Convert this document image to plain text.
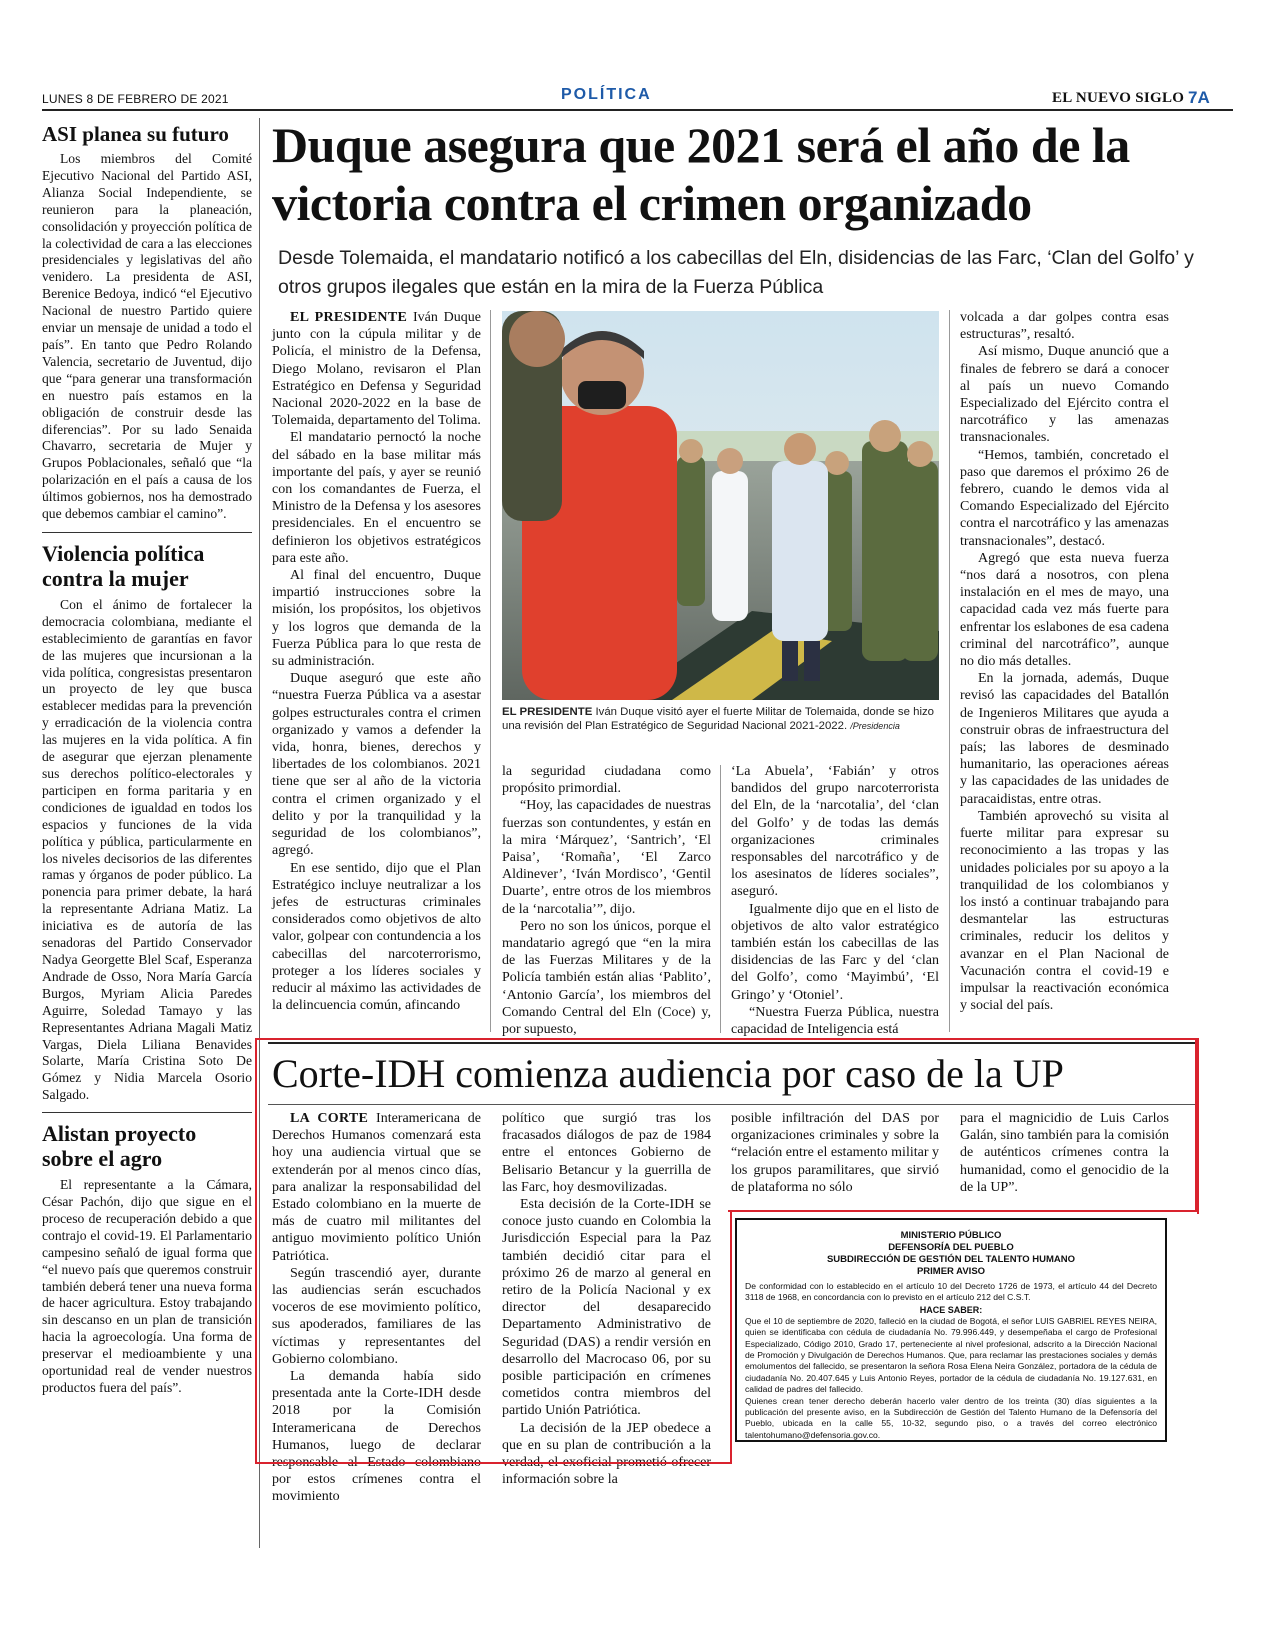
LUNES 8 DE FEBRERO DE 2021	POLÍTICA	EL NUEVO SIGLO 7A
ASI planea su futuro

Los miembros del Comité Ejecutivo Nacional del Partido ASI, Alianza Social Independiente, se reunieron para la planeación, consolidación y proyección política de la colectividad de cara a las elecciones presidenciales y legislativas del año venidero. La presidenta de ASI, Berenice Bedoya, indicó “el Ejecutivo Nacional de nuestro Partido quiere enviar un mensaje de unidad a todo el país”. En tanto que Pedro Rolando Valencia, secretario de Juventud, dijo que “para generar una transformación en nuestro país estamos en la obligación de construir desde las diferencias”. Por su lado Senaida Chavarro, secretaria de Mujer y Grupos Poblacionales, señaló que “la polarización en el país a causa de los últimos gobiernos, nos ha demostrado que debemos cambiar el camino”.

Violencia política contra la mujer

Con el ánimo de fortalecer la democracia colombiana, mediante el establecimiento de garantías en favor de las mujeres que incursionan a la vida política, congresistas presentaron un proyecto de ley que busca establecer medidas para la prevención y erradicación de la violencia contra las mujeres en la vida política. A fin de asegurar que ejerzan plenamente sus derechos político-electorales y participen en forma paritaria y en condiciones de igualdad en todos los espacios y funciones de la vida política y pública, particularmente en los niveles decisorios de las diferentes ramas y órganos de poder público. La ponencia para primer debate, la hará la representante Adriana Matiz. La iniciativa es de autoría de las senadoras del Partido Conservador Nadya Georgette Blel Scaf, Esperanza Andrade de Osso, Nora María García Burgos, Myriam Alicia Paredes Aguirre, Soledad Tamayo y las Representantes Adriana Magali Matiz Vargas, Diela Liliana Benavides Solarte, María Cristina Soto De Gómez y Nidia Marcela Osorio Salgado.

Alistan proyecto sobre el agro

El representante a la Cámara, César Pachón, dijo que sigue en el proceso de recuperación debido a que contrajo el covid-19. El Parlamentario campesino señaló de igual forma que “el nuevo país que queremos construir también deberá tener una nueva forma de hacer agricultura. Estoy trabajando sin descanso en un plan de transición hacia la agroecología. Una forma de preservar el medioambiente y una oportunidad real de vender nuestros productos fuera del país”.

Duque asegura que 2021 será el año de la victoria contra el crimen organizado
Desde Tolemaida, el mandatario notificó a los cabecillas del Eln, disidencias de las Farc, ‘Clan del Golfo’ y otros grupos ilegales que están en la mira de la Fuerza Pública

EL PRESIDENTE Iván Duque junto con la cúpula militar y de Policía, el ministro de la Defensa, Diego Molano, revisaron el Plan Estratégico en Defensa y Seguridad Nacional 2020-2022 en la base de Tolemaida, departamento del Tolima.

El mandatario pernoctó la noche del sábado en la base militar más importante del país, y ayer se reunió con los comandantes de Fuerza, el Ministro de la Defensa y los asesores presidenciales. En el encuentro se definieron los objetivos estratégicos para este año.

Al final del encuentro, Duque impartió instrucciones sobre la misión, los propósitos, los objetivos y los logros que demanda de la Fuerza Pública para lo que resta de su administración.

Duque aseguró que este año “nuestra Fuerza Pública va a asestar golpes estructurales contra el crimen organizado y vamos a defender la vida, honra, bienes, derechos y libertades de los colombianos. 2021 tiene que ser al año de la victoria contra el crimen organizado y el delito y por la tranquilidad y la seguridad de los colombianos”, agregó.

En ese sentido, dijo que el Plan Estratégico incluye neutralizar a los jefes de estructuras criminales considerados como objetivos de alto valor, golpear con contundencia a los cabecillas del narcoterrorismo, proteger a los líderes sociales y reducir al máximo las actividades de la delincuencia común, afincando

EL PRESIDENTE Iván Duque visitó ayer el fuerte Militar de Tolemaida, donde se hizo una revisión del Plan Estratégico de Seguridad Nacional 2021-2022. /Presidencia

la seguridad ciudadana como propósito primordial.

“Hoy, las capacidades de nuestras fuerzas son contundentes, y están en la mira ‘Márquez’, ‘Santrich’, ‘El Paisa’, ‘Romaña’, ‘El Zarco Aldinever’, ‘Iván Mordisco’, ‘Gentil Duarte’, entre otros de los miembros de la ‘narcotalia’”, dijo.

Pero no son los únicos, porque el mandatario agregó que “en la mira de las Fuerzas Militares y de la Policía también están alias ‘Pablito’, ‘Antonio García’, los miembros del Comando Central del Eln (Coce) y, por supuesto,

‘La Abuela’, ‘Fabián’ y otros bandidos del grupo narcoterrorista del Eln, de la ‘narcotalia’, del ‘clan del Golfo’ y de todas las demás organizaciones criminales responsables del narcotráfico y de los asesinatos de líderes sociales”, aseguró.

Igualmente dijo que en el listo de objetivos de alto valor estratégico también están los cabecillas de las disidencias de las Farc y del ‘clan del Golfo’, como ‘Mayimbú’, ‘El Gringo’ y ‘Otoniel’.

“Nuestra Fuerza Pública, nuestra capacidad de Inteligencia está

volcada a dar golpes contra esas estructuras”, resaltó.

Así mismo, Duque anunció que a finales de febrero se dará a conocer al país un nuevo Comando Especializado del Ejército contra el narcotráfico y las amenazas transnacionales.

“Hemos, también, concretado el paso que daremos el próximo 26 de febrero, cuando le demos vida al Comando Especializado del Ejército contra el narcotráfico y las amenazas transnacionales”, destacó.

Agregó que esta nueva fuerza “nos dará a nosotros, con plena instalación en el mes de mayo, una capacidad cada vez más fuerte para enfrentar los eslabones de esa cadena criminal del narcotráfico”, aunque no dio más detalles.

En la jornada, además, Duque revisó las capacidades del Batallón de Ingenieros Militares que ayuda a construir obras de infraestructura del país; las labores de desminado humanitario, las operaciones aéreas y las capacidades de las unidades de paracaidistas, entre otras.

También aprovechó su visita al fuerte militar para expresar su reconocimiento a las tropas y las unidades policiales por su apoyo a la tranquilidad de los colombianos y los instó a continuar trabajando para desmantelar las estructuras criminales, reducir los delitos y avanzar en el Plan Nacional de Vacunación contra el covid-19 e impulsar la reactivación económica y social del país.

Corte-IDH comienza audiencia por caso de la UP

LA CORTE Interamericana de Derechos Humanos comenzará esta hoy una audiencia virtual que se extenderán por al menos cinco días, para analizar la responsabilidad del Estado colombiano en la muerte de más de cuatro mil militantes del antiguo movimiento político Unión Patriótica.

Según trascendió ayer, durante las audiencias serán escuchados voceros de ese movimiento político, sus apoderados, familiares de las víctimas y representantes del Gobierno colombiano.

La demanda había sido presentada ante la Corte-IDH desde 2018 por la Comisión Interamericana de Derechos Humanos, luego de declarar responsable al Estado colombiano por estos crímenes contra el movimiento

político que surgió tras los fracasados diálogos de paz de 1984 entre el entonces Gobierno de Belisario Betancur y la guerrilla de las Farc, hoy desmovilizadas.

Esta decisión de la Corte-IDH se conoce justo cuando en Colombia la Jurisdicción Especial para la Paz también decidió citar para el próximo 26 de marzo al general en retiro de la Policía Nacional y ex director del desaparecido Departamento Administrativo de Seguridad (DAS) a rendir versión en desarrollo del Macrocaso 06, por su posible participación en crímenes cometidos contra miembros del partido Unión Patriótica.

La decisión de la JEP obedece a que en su plan de contribución a la verdad, el exoficial prometió ofrecer información sobre la

posible infiltración del DAS por organizaciones criminales y sobre la “relación entre el estamento militar y los grupos paramilitares, que sirvió de plataforma no sólo

para el magnicidio de Luis Carlos Galán, sino también para la comisión de auténticos crímenes contra la humanidad, como el genocidio de la de la UP”.

MINISTERIO PÚBLICO
DEFENSORÍA DEL PUEBLO
SUBDIRECCIÓN DE GESTIÓN DEL TALENTO HUMANO
PRIMER AVISO

De conformidad con lo establecido en el artículo 10 del Decreto 1726 de 1973, el artículo 44 del Decreto 3118 de 1968, en concordancia con lo previsto en el artículo 212 del C.S.T.

HACE SABER:

Que el 10 de septiembre de 2020, falleció en la ciudad de Bogotá, el señor LUIS GABRIEL REYES NEIRA, quien se identificaba con cédula de ciudadanía No. 79.996.449, y desempeñaba el cargo de Profesional Especializado, Código 2010, Grado 17, perteneciente al nivel profesional, adscrito a la Dirección Nacional de Promoción y Divulgación de Derechos Humanos. Que, para reclamar las prestaciones sociales y demás emolumentos del fallecido, se presentaron la señora Rosa Elena Neira González, portadora de la cédula de ciudadanía No. 20.407.645 y Luis Antonio Reyes, portador de la cédula de ciudadanía No. 19.127.631, en calidad de padres del fallecido.

Quienes crean tener derecho deberán hacerlo valer dentro de los treinta (30) días siguientes a la publicación del presente aviso, en la Subdirección de Gestión del Talento Humano de la Defensoría del Pueblo, ubicada en la calle 55, 10-32, segundo piso, o a través del correo electrónico talentohumano@defensoria.gov.co.
